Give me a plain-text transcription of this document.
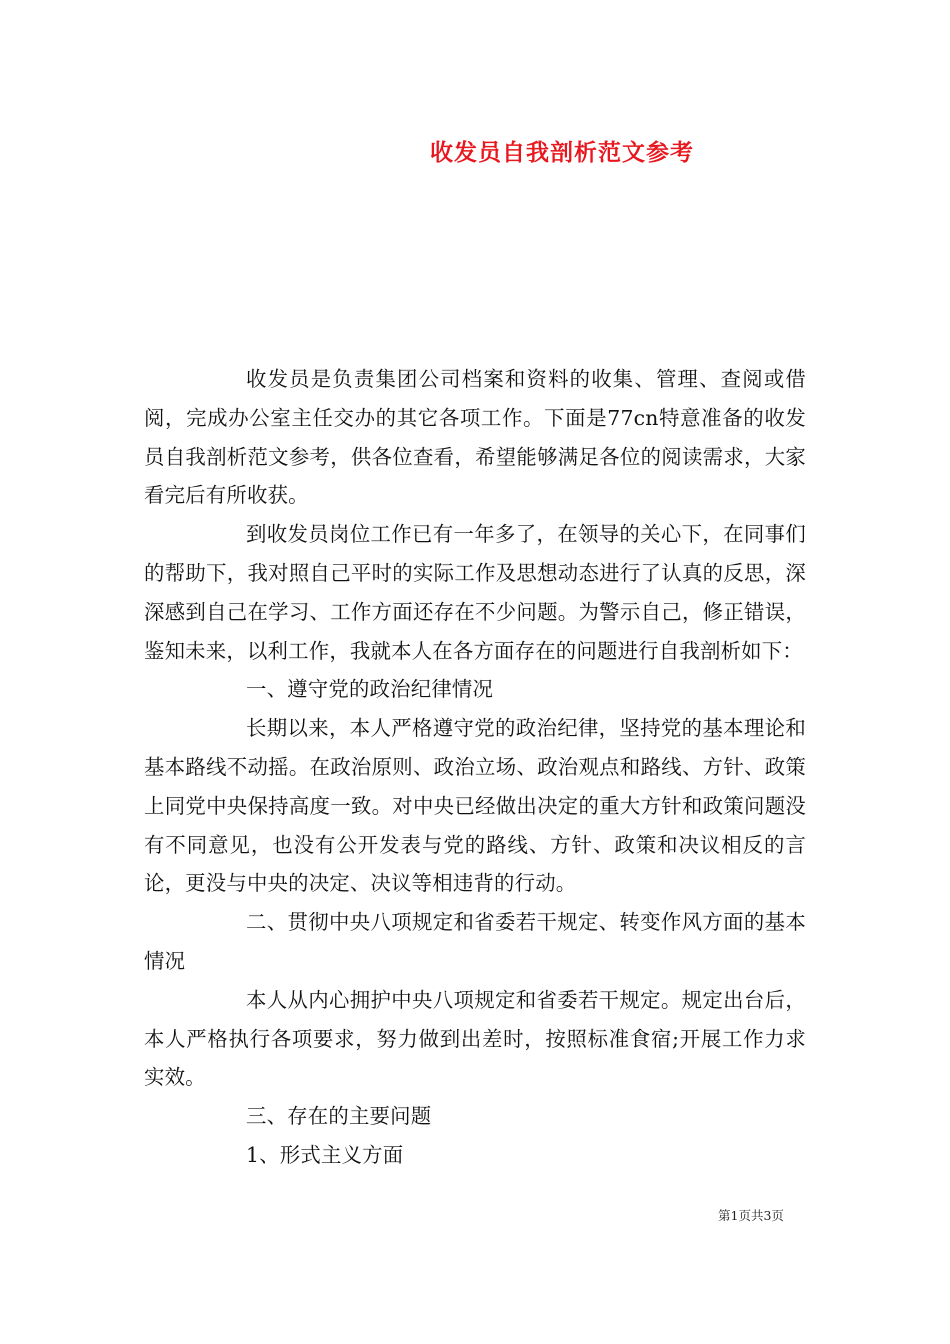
收发员自我剖析范文参考

收发员是负责集团公司档案和资料的收集、管理、查阅或借阅，完成办公室主任交办的其它各项工作。下面是77cn特意准备的收发员自我剖析范文参考，供各位查看，希望能够满足各位的阅读需求，大家看完后有所收获。

到收发员岗位工作已有一年多了，在领导的关心下，在同事们的帮助下，我对照自己平时的实际工作及思想动态进行了认真的反思，深深感到自己在学习、工作方面还存在不少问题。为警示自己，修正错误，鉴知未来，以利工作，我就本人在各方面存在的问题进行自我剖析如下：

一、遵守党的政治纪律情况

长期以来，本人严格遵守党的政治纪律，坚持党的基本理论和基本路线不动摇。在政治原则、政治立场、政治观点和路线、方针、政策上同党中央保持高度一致。对中央已经做出决定的重大方针和政策问题没有不同意见，也没有公开发表与党的路线、方针、政策和决议相反的言论，更没与中央的决定、决议等相违背的行动。

二、贯彻中央八项规定和省委若干规定、转变作风方面的基本情况

本人从内心拥护中央八项规定和省委若干规定。规定出台后，本人严格执行各项要求，努力做到出差时，按照标准食宿;开展工作力求实效。

三、存在的主要问题

1、形式主义方面

第1页共3页
